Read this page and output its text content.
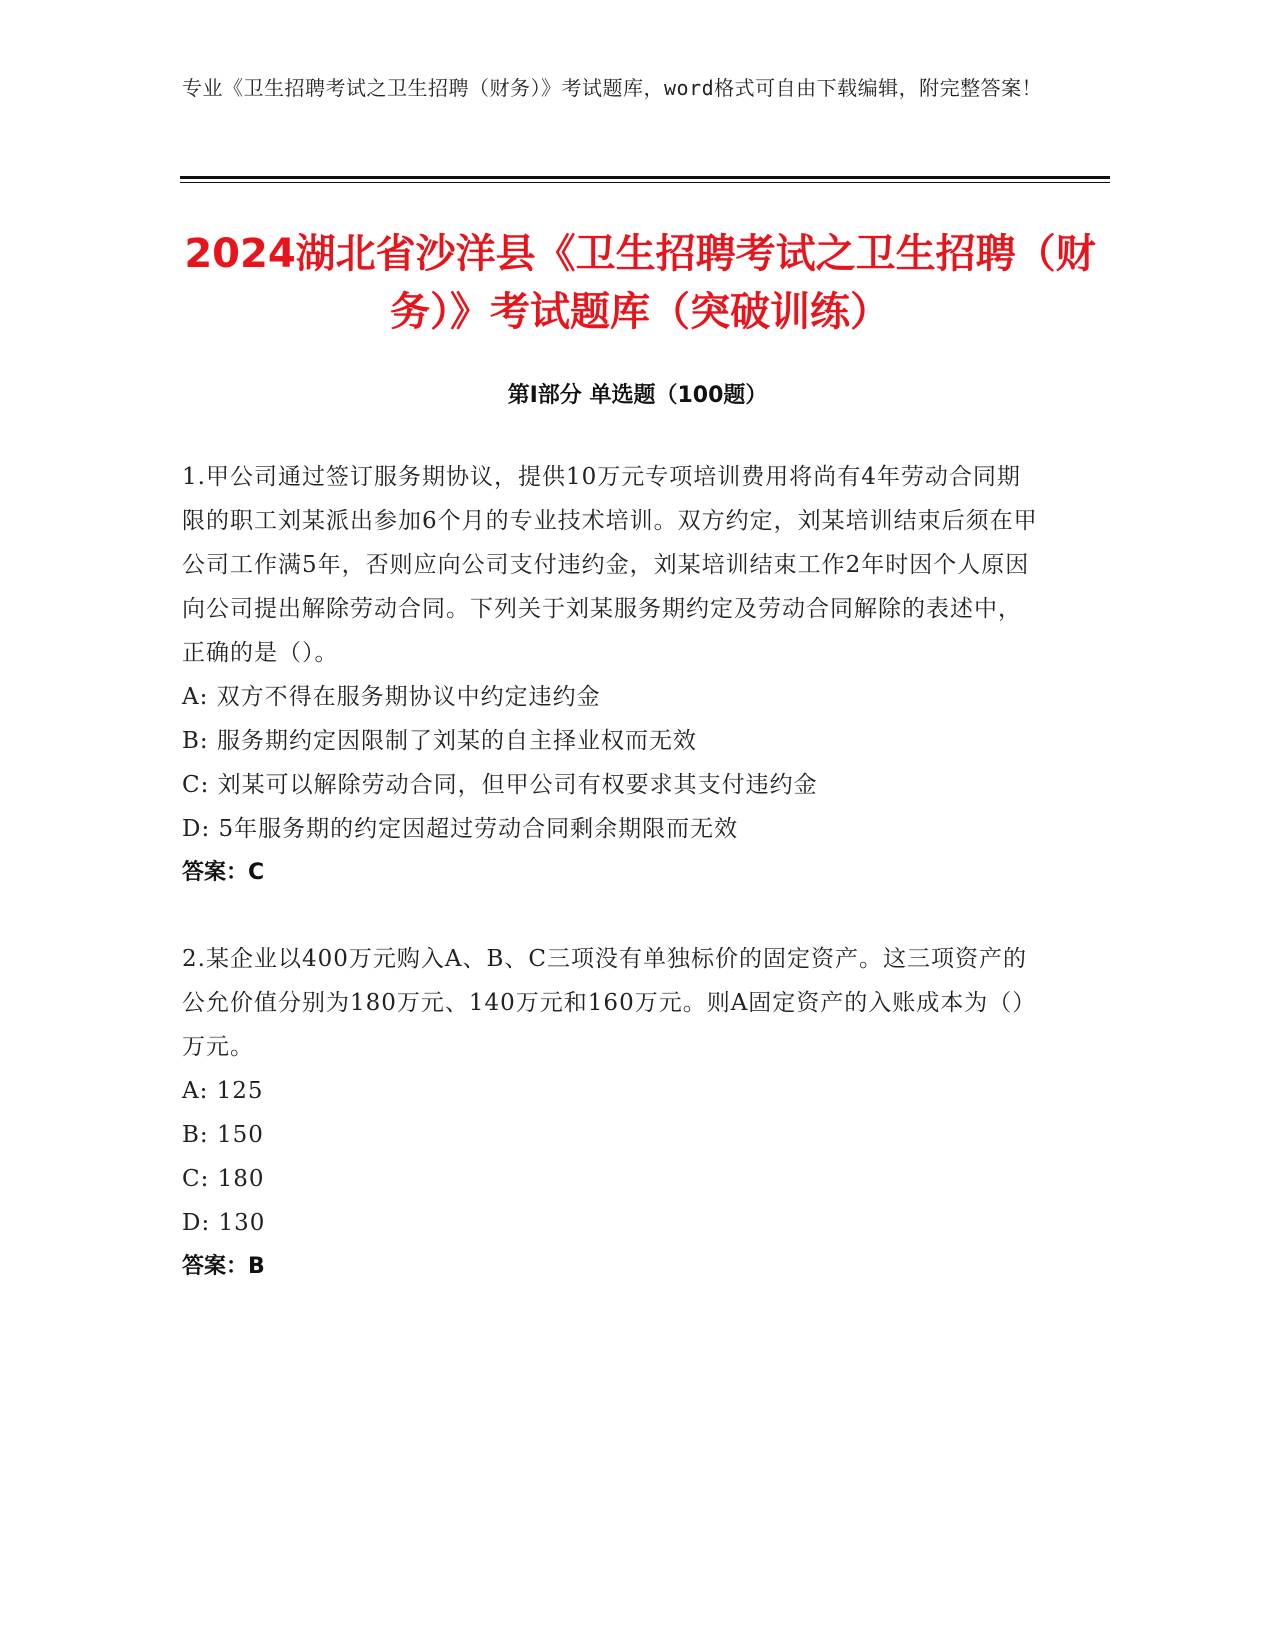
专业《卫生招聘考试之卫生招聘（财务）》考试题库，word格式可自由下载编辑，附完整答案！
2024湖北省沙洋县《卫生招聘考试之卫生招聘（财务）》考试题库（突破训练）
第Ⅰ部分 单选题（100题）
1.甲公司通过签订服务期协议，提供10万元专项培训费用将尚有4年劳动合同期限的职工刘某派出参加6个月的专业技术培训。双方约定，刘某培训结束后须在甲公司工作满5年，否则应向公司支付违约金，刘某培训结束工作2年时因个人原因向公司提出解除劳动合同。下列关于刘某服务期约定及劳动合同解除的表述中，正确的是（）。
A: 双方不得在服务期协议中约定违约金
B: 服务期约定因限制了刘某的自主择业权而无效
C: 刘某可以解除劳动合同，但甲公司有权要求其支付违约金
D: 5年服务期的约定因超过劳动合同剩余期限而无效
答案：C
2.某企业以400万元购入A、B、C三项没有单独标价的固定资产。这三项资产的公允价值分别为180万元、140万元和160万元。则A固定资产的入账成本为（）万元。
A: 125
B: 150
C: 180
D: 130
答案：B
